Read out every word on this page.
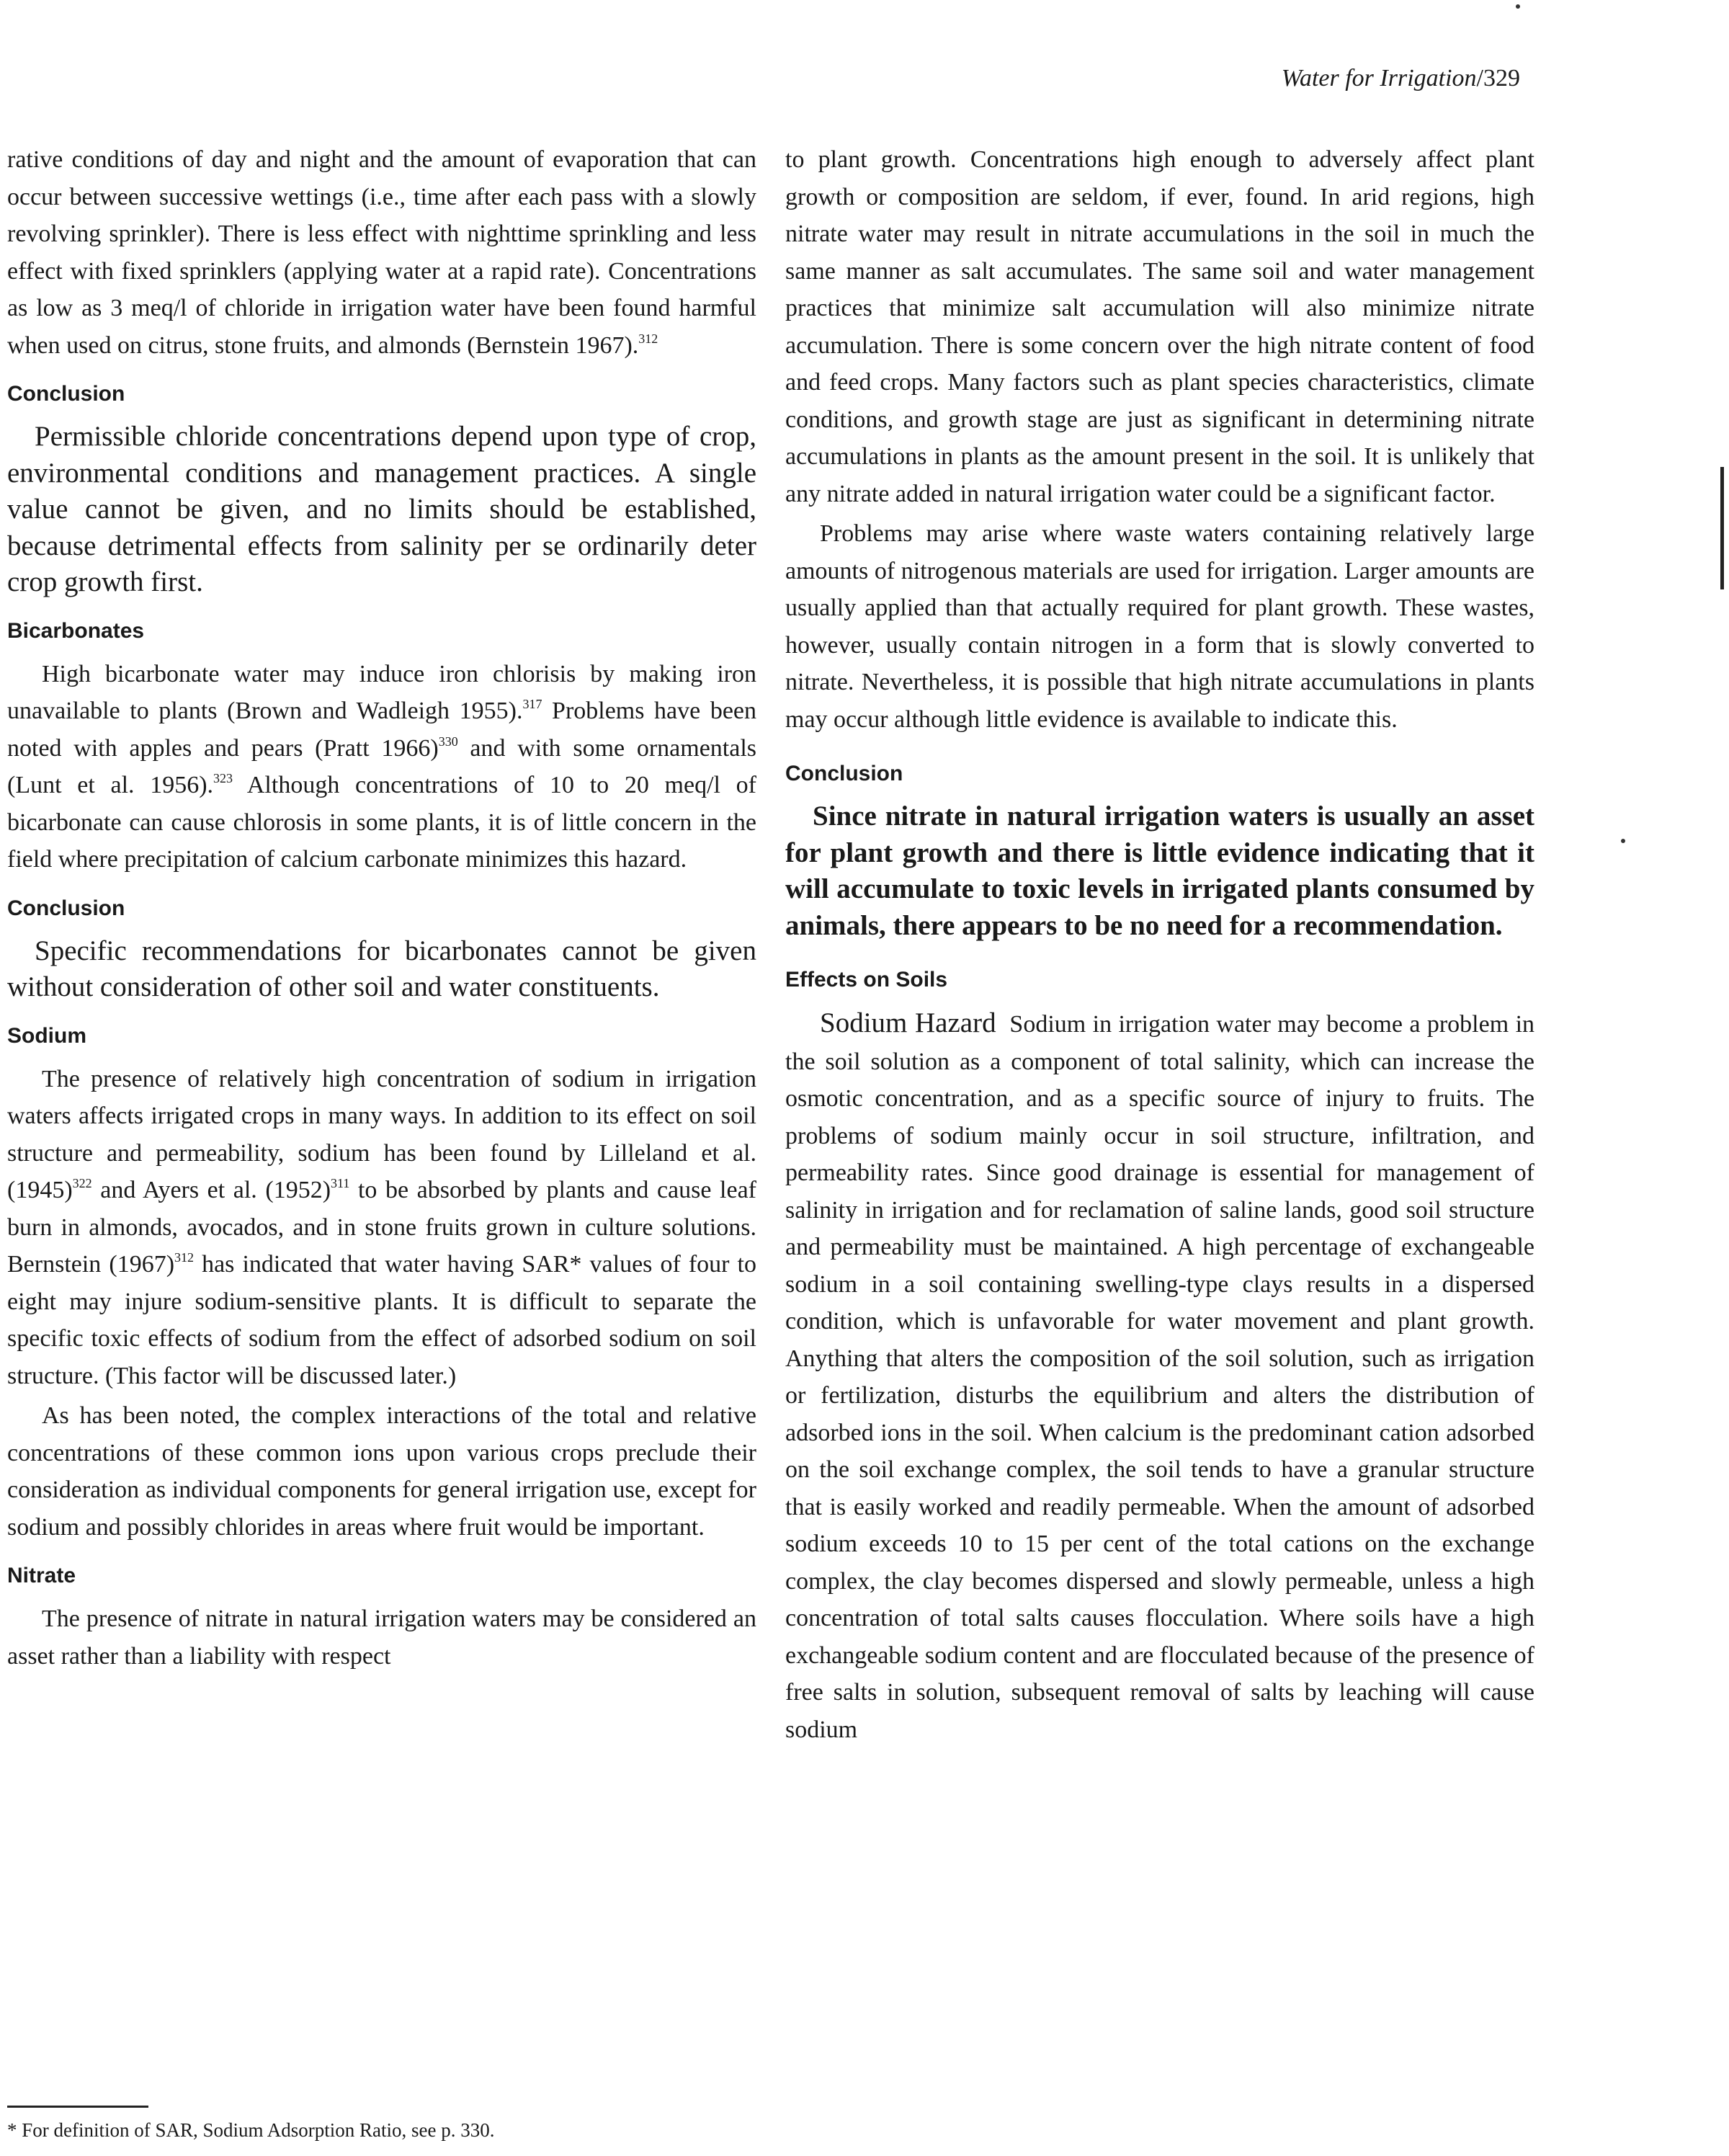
Water for Irrigation/329

rative conditions of day and night and the amount of evaporation that can occur between successive wettings (i.e., time after each pass with a slowly revolving sprinkler). There is less effect with nighttime sprinkling and less effect with fixed sprinklers (applying water at a rapid rate). Concentrations as low as 3 meq/l of chloride in irrigation water have been found harmful when used on citrus, stone fruits, and almonds (Bernstein 1967).$^{312}$

Conclusion

Permissible chloride concentrations depend upon type of crop, environmental conditions and management practices. A single value cannot be given, and no limits should be established, because detrimental effects from salinity per se ordinarily deter crop growth first.

Bicarbonates

High bicarbonate water may induce iron chlorisis by making iron unavailable to plants (Brown and Wadleigh 1955).$^{317}$ Problems have been noted with apples and pears (Pratt 1966)$^{330}$ and with some ornamentals (Lunt et al. 1956).$^{323}$ Although concentrations of 10 to 20 meq/l of bicarbonate can cause chlorosis in some plants, it is of little concern in the field where precipitation of calcium carbonate minimizes this hazard.

Conclusion

Specific recommendations for bicarbonates cannot be given without consideration of other soil and water constituents.

Sodium

The presence of relatively high concentration of sodium in irrigation waters affects irrigated crops in many ways. In addition to its effect on soil structure and permeability, sodium has been found by Lilleland et al. $(1945)^{322}$ and Ayers et al. $(1952)^{311}$ to be absorbed by plants and cause leaf burn in almonds, avocados, and in stone fruits grown in culture solutions. Bernstein $(1967)^{312}$ has indicated that water having SAR* values of four to eight may injure sodium-sensitive plants. It is difficult to separate the specific toxic effects of sodium from the effect of adsorbed sodium on soil structure. (This factor will be discussed later.)

As has been noted, the complex interactions of the total and relative concentrations of these common ions upon various crops preclude their consideration as individual components for general irrigation use, except for sodium and possibly chlorides in areas where fruit would be important.

Nitrate

The presence of nitrate in natural irrigation waters may be considered an asset rather than a liability with respect

* For definition of SAR, Sodium Adsorption Ratio, see p. 330.

to plant growth. Concentrations high enough to adversely affect plant growth or composition are seldom, if ever, found. In arid regions, high nitrate water may result in nitrate accumulations in the soil in much the same manner as salt accumulates. The same soil and water management practices that minimize salt accumulation will also minimize nitrate accumulation. There is some concern over the high nitrate content of food and feed crops. Many factors such as plant species characteristics, climate conditions, and growth stage are just as significant in determining nitrate accumulations in plants as the amount present in the soil. It is unlikely that any nitrate added in natural irrigation water could be a significant factor.

Problems may arise where waste waters containing relatively large amounts of nitrogenous materials are used for irrigation. Larger amounts are usually applied than that actually required for plant growth. These wastes, however, usually contain nitrogen in a form that is slowly converted to nitrate. Nevertheless, it is possible that high nitrate accumulations in plants may occur although little evidence is available to indicate this.

Conclusion

Since nitrate in natural irrigation waters is usually an asset for plant growth and there is little evidence indicating that it will accumulate to toxic levels in irrigated plants consumed by animals, there appears to be no need for a recommendation.

Effects on Soils

Sodium Hazard Sodium in irrigation water may become a problem in the soil solution as a component of total salinity, which can increase the osmotic concentration, and as a specific source of injury to fruits. The problems of sodium mainly occur in soil structure, infiltration, and permeability rates. Since good drainage is essential for management of salinity in irrigation and for reclamation of saline lands, good soil structure and permeability must be maintained. A high percentage of exchangeable sodium in a soil containing swelling-type clays results in a dispersed condition, which is unfavorable for water movement and plant growth. Anything that alters the composition of the soil solution, such as irrigation or fertilization, disturbs the equilibrium and alters the distribution of adsorbed ions in the soil. When calcium is the predominant cation adsorbed on the soil exchange complex, the soil tends to have a granular structure that is easily worked and readily permeable. When the amount of adsorbed sodium exceeds 10 to 15 per cent of the total cations on the exchange complex, the clay becomes dispersed and slowly permeable, unless a high concentration of total salts causes flocculation. Where soils have a high exchangeable sodium content and are flocculated because of the presence of free salts in solution, subsequent removal of salts by leaching will cause sodium
